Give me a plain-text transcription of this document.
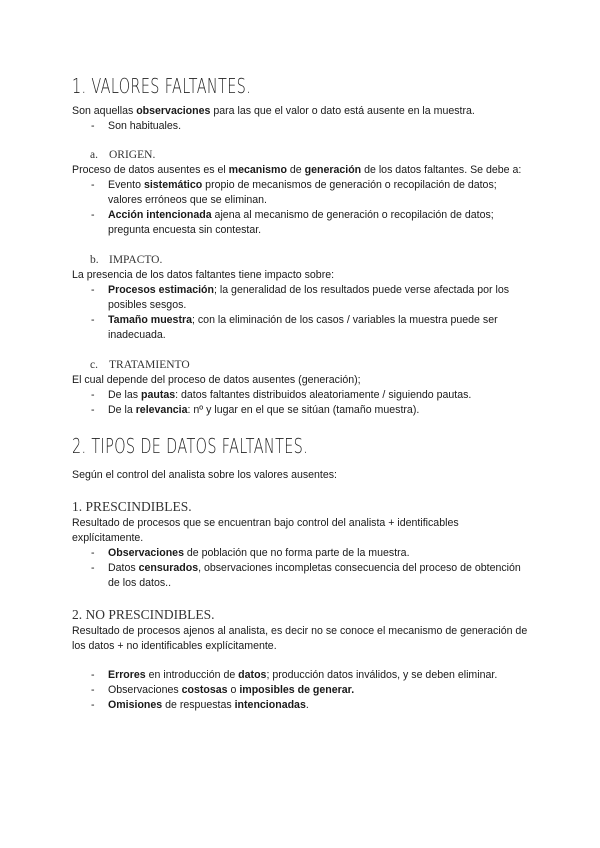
1. VALORES FALTANTES.

Son aquellas observaciones para las que el valor o dato está ausente en la muestra.

- Son habituales.

a. ORIGEN.

Proceso de datos ausentes es el mecanismo de generación de los datos faltantes. Se debe a:

- Evento sistemático propio de mecanismos de generación o recopilación de datos; valores erróneos que se eliminan.
- Acción intencionada ajena al mecanismo de generación o recopilación de datos; pregunta encuesta sin contestar.

b. IMPACTO.

La presencia de los datos faltantes tiene impacto sobre:

- Procesos estimación; la generalidad de los resultados puede verse afectada por los posibles sesgos.
- Tamaño muestra; con la eliminación de los casos / variables la muestra puede ser inadecuada.

c. TRATAMIENTO

El cual depende del proceso de datos ausentes (generación);

- De las pautas: datos faltantes distribuidos aleatoriamente / siguiendo pautas.
- De la relevancia: nº y lugar en el que se sitúan (tamaño muestra).
2. TIPOS DE DATOS FALTANTES.

Según el control del analista sobre los valores ausentes:

1. PRESCINDIBLES.

Resultado de procesos que se encuentran bajo control del analista + identificables explícitamente.

- Observaciones de población que no forma parte de la muestra.
- Datos censurados, observaciones incompletas consecuencia del proceso de obtención de los datos..

2. NO PRESCINDIBLES.

Resultado de procesos ajenos al analista, es decir no se conoce el mecanismo de generación de los datos + no identificables explícitamente.

- Errores en introducción de datos; producción datos inválidos, y se deben eliminar.
- Observaciones costosas o imposibles de generar.
- Omisiones de respuestas intencionadas.
